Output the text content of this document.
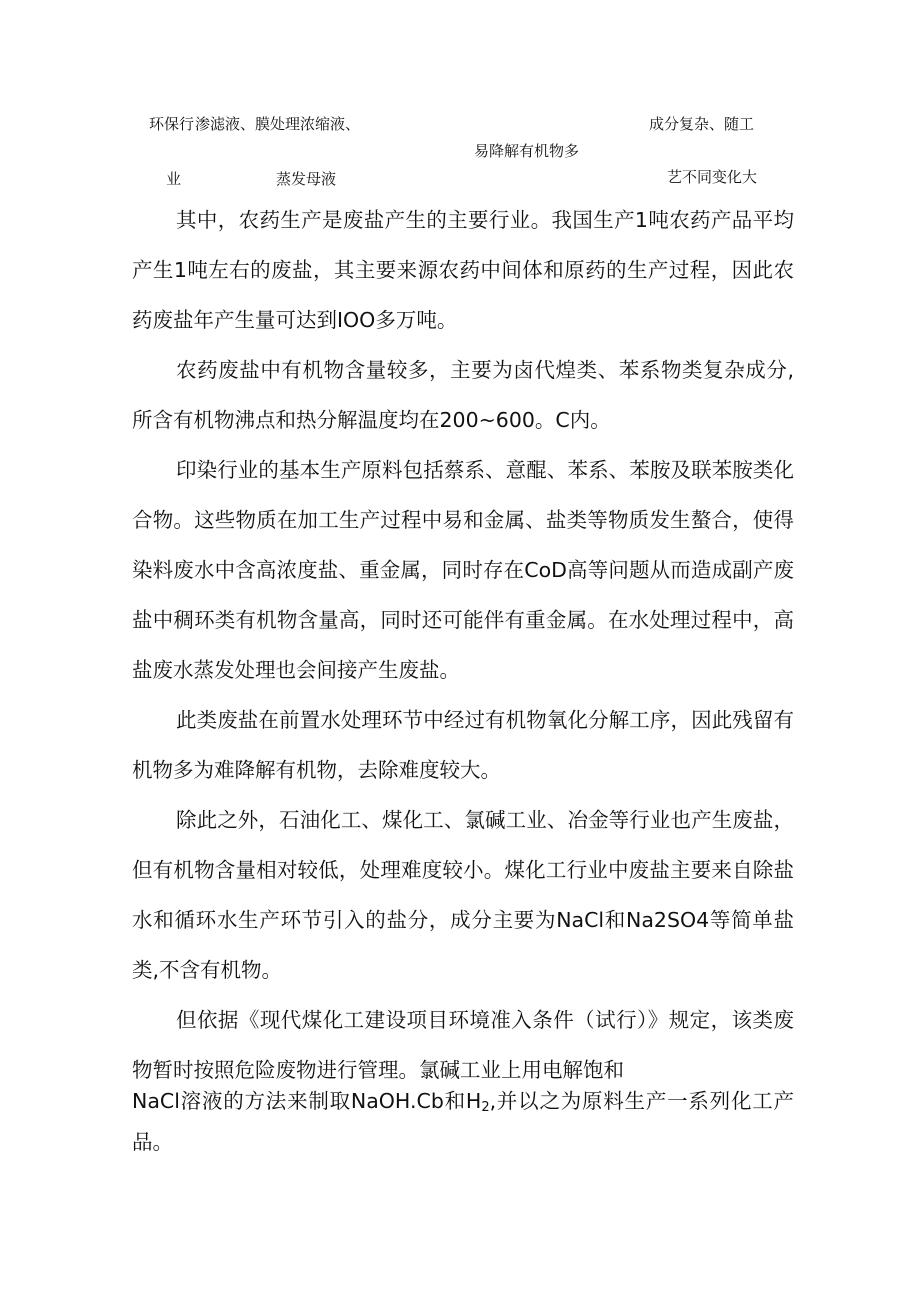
环保行
业
渗滤液、膜处理浓缩液、
蒸发母液
易降解有机物多
成分复杂、随工
艺不同变化大

其中，农药生产是废盐产生的主要行业。我国生产1吨农药产品平均产生1吨左右的废盐，其主要来源农药中间体和原药的生产过程，因此农药废盐年产生量可达到IOO多万吨。

农药废盐中有机物含量较多，主要为卤代煌类、苯系物类复杂成分,所含有机物沸点和热分解温度均在200~600。C内。

印染行业的基本生产原料包括蔡系、意醌、苯系、苯胺及联苯胺类化合物。这些物质在加工生产过程中易和金属、盐类等物质发生螯合，使得染料废水中含高浓度盐、重金属，同时存在CoD高等问题从而造成副产废盐中稠环类有机物含量高，同时还可能伴有重金属。在水处理过程中，高盐废水蒸发处理也会间接产生废盐。

此类废盐在前置水处理环节中经过有机物氧化分解工序，因此残留有机物多为难降解有机物，去除难度较大。

除此之外，石油化工、煤化工、氯碱工业、冶金等行业也产生废盐，但有机物含量相对较低，处理难度较小。煤化工行业中废盐主要来自除盐水和循环水生产环节引入的盐分，成分主要为NaCl和Na2SO4等简单盐类,不含有机物。

但依据《现代煤化工建设项目环境准入条件（试行）》规定，该类废物暂时按照危险废物进行管理。氯碱工业上用电解饱和

NaCl溶液的方法来制取NaOH.Cb和$H_2$,并以之为原料生产一系列化工产品。
